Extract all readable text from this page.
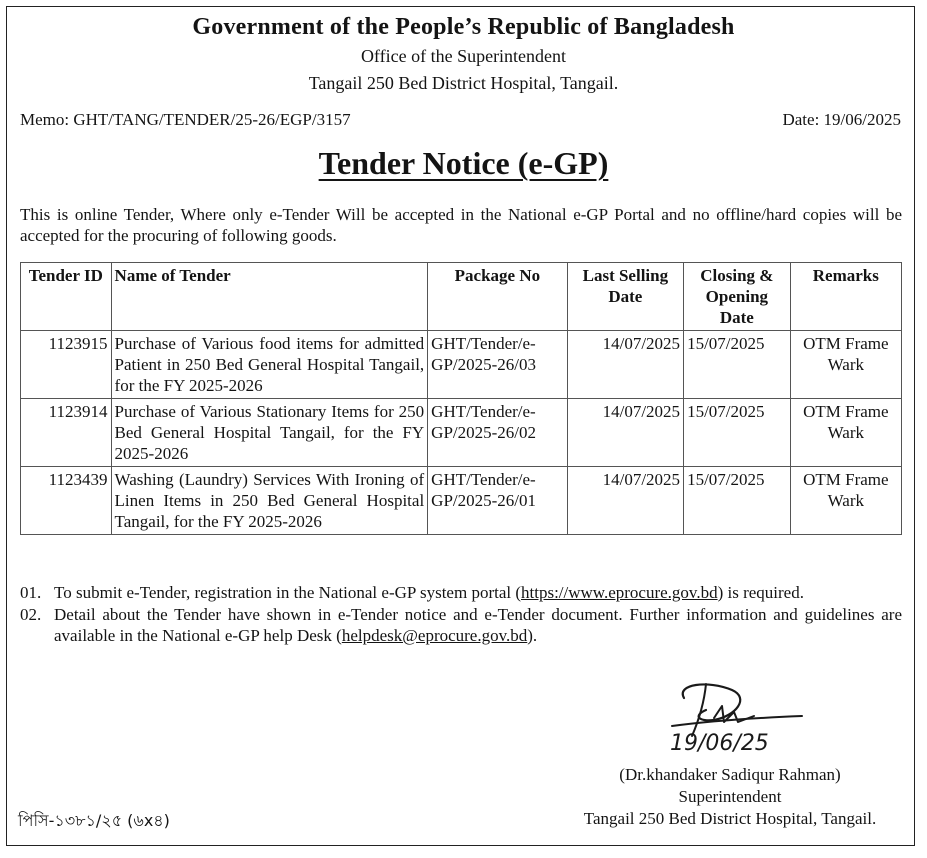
Government of the People’s Republic of Bangladesh
Office of the Superintendent
Tangail 250 Bed District Hospital, Tangail.
Memo: GHT/TANG/TENDER/25-26/EGP/3157	Date: 19/06/2025
Tender Notice (e-GP)
This is online Tender, Where only e-Tender Will be accepted in the National e-GP Portal and no offline/hard copies will be accepted for the procuring of following goods.
Tender ID	Name of Tender	Package No	Last Selling Date	Closing & Opening Date	Remarks
1123915	Purchase of Various food items for admitted Patient in 250 Bed General Hospital Tangail, for the FY 2025-2026	GHT/Tender/e-GP/2025-26/03	14/07/2025	15/07/2025	OTM Frame Wark
1123914	Purchase of Various Stationary Items for 250 Bed General Hospital Tangail, for the FY 2025-2026	GHT/Tender/e-GP/2025-26/02	14/07/2025	15/07/2025	OTM Frame Wark
1123439	Washing (Laundry) Services With Ironing of Linen Items in 250 Bed General Hospital Tangail, for the FY 2025-2026	GHT/Tender/e-GP/2025-26/01	14/07/2025	15/07/2025	OTM Frame Wark
01. To submit e-Tender, registration in the National e-GP system portal (https://www.eprocure.gov.bd) is required.
02. Detail about the Tender have shown in e-Tender notice and e-Tender document. Further information and guidelines are available in the National e-GP help Desk (helpdesk@eprocure.gov.bd).
19/06/25
(Dr.khandaker Sadiqur Rahman)
Superintendent
Tangail 250 Bed District Hospital, Tangail.
পিসি-১৩৮১/২৫ (৬x৪)
